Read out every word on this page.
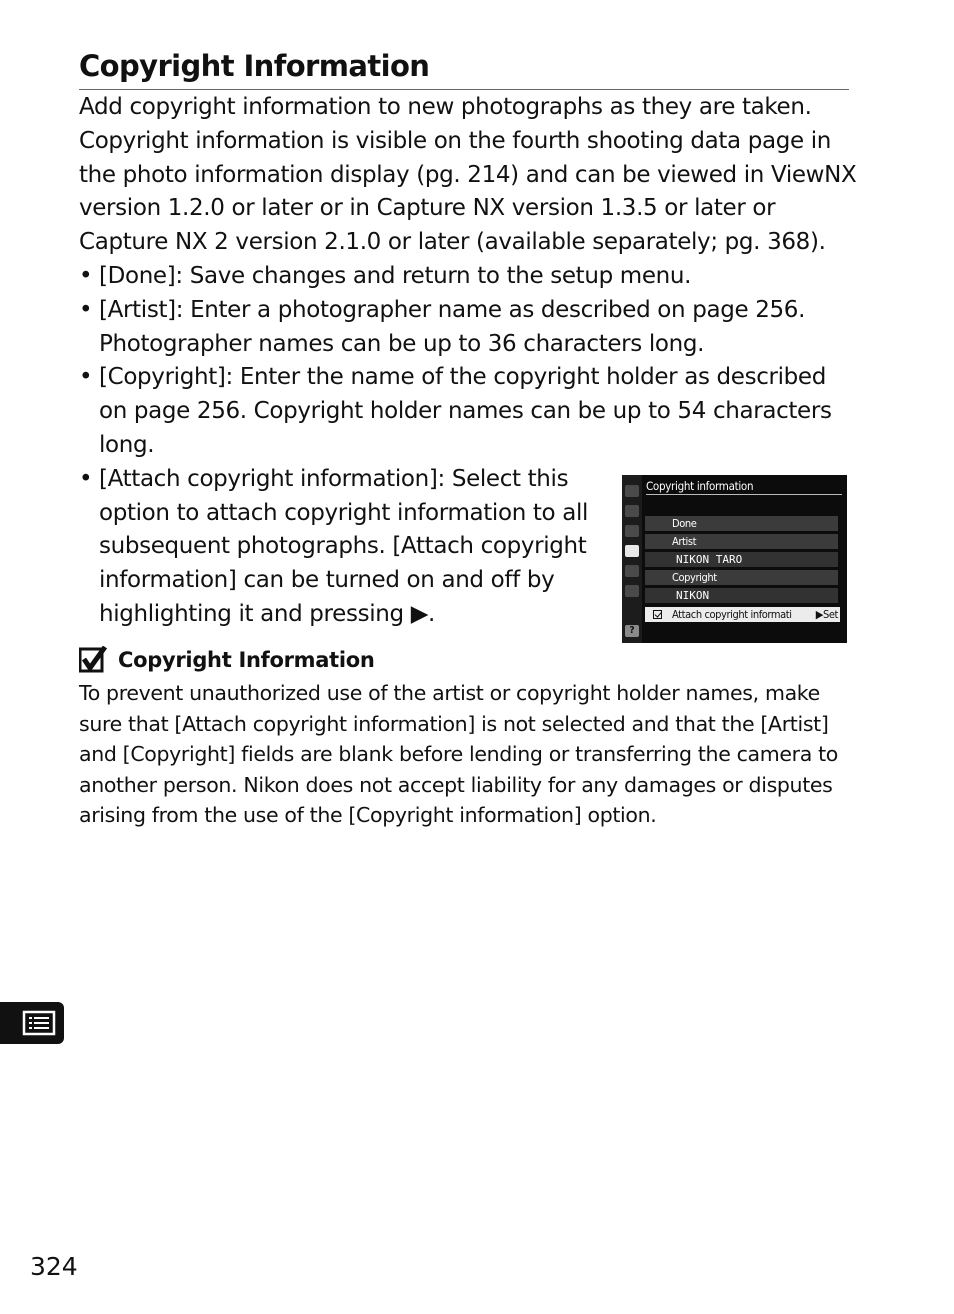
Copyright Information

Add copyright information to new photographs as they are taken. Copyright information is visible on the fourth shooting data page in the photo information display (pg. 214) and can be viewed in ViewNX version 1.2.0 or later or in Capture NX version 1.3.5 or later or Capture NX 2 version 2.1.0 or later (available separately; pg. 368).

• [Done]: Save changes and return to the setup menu.
• [Artist]: Enter a photographer name as described on page 256. Photographer names can be up to 36 characters long.
• [Copyright]: Enter the name of the copyright holder as described on page 256. Copyright holder names can be up to 54 characters long.
• [Attach copyright information]: Select this option to attach copyright information to all subsequent photographs. [Attach copyright information] can be turned on and off by highlighting it and pressing ▶.
?
Copyright information
Done
Artist
NIKON TARO
Copyright
NIKON
Attach copyright informati ▶Set
Copyright Information
To prevent unauthorized use of the artist or copyright holder names, make sure that [Attach copyright information] is not selected and that the [Artist] and [Copyright] fields are blank before lending or transferring the camera to another person. Nikon does not accept liability for any damages or disputes arising from the use of the [Copyright information] option.
324
